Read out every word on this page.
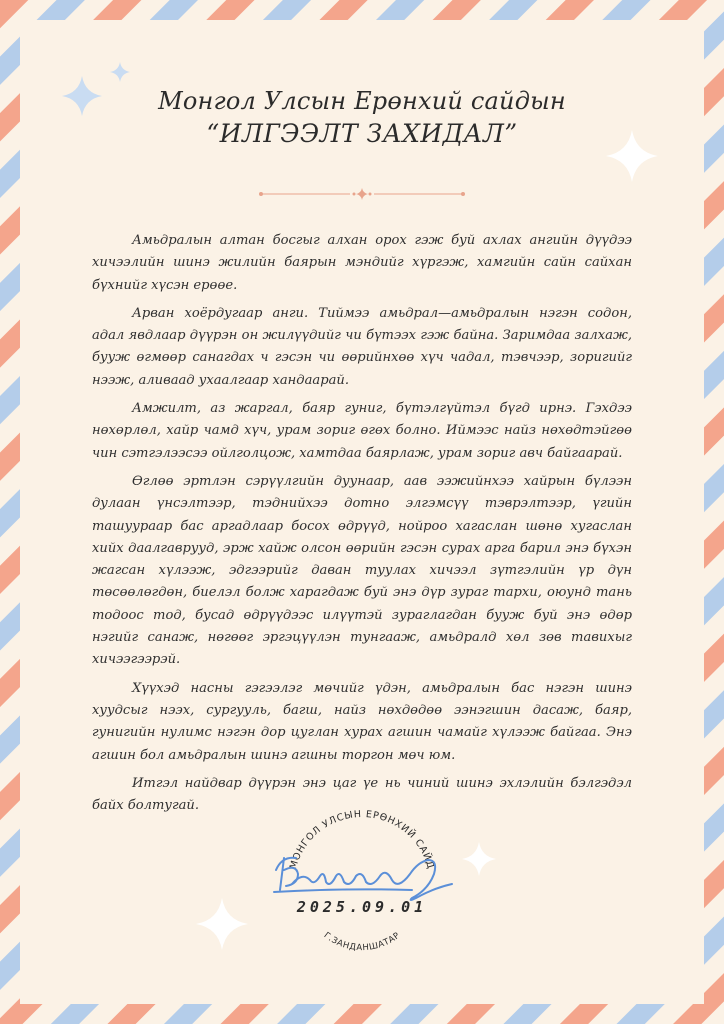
Монгол Улсын Ерөнхий сайдын
“ИЛГЭЭЛТ ЗАХИДАЛ”

Амьдралын алтан босгыг алхан орох гэж буй ахлах ангийн дүүдээ хичээлийн шинэ жилийн баярын мэндийг хүргэж, хамгийн сайн сайхан бүхнийг хүсэн ерөөе.

Арван хоёрдугаар анги. Тиймээ амьдрал—амьдралын нэгэн содон, адал явдлаар дүүрэн он жилүүдийг чи бүтээх гэж байна. Заримдаа залхаж, бууж өгмөөр санагдах ч гэсэн чи өөрийнхөө хүч чадал, тэвчээр, зоригийг нээж, аливаад ухаалгаар хандаарай.

Амжилт, аз жаргал, баяр гуниг, бүтэлгүйтэл бүгд ирнэ. Гэхдээ нөхөрлөл, хайр чамд хүч, урам зориг өгөх болно. Иймээс найз нөхөдтэйгөө чин сэтгэлээсээ ойлголцож, хамтдаа баярлаж, урам зориг авч байгаарай.

Өглөө эртлэн сэрүүлгийн дуунаар, аав ээжийнхээ хайрын бүлээн дулаан үнсэлтээр, тэднийхээ дотно элгэмсүү тэврэлтээр, үгийн ташуураар бас аргадлаар босох өдрүүд, нойроо хагаслан шөнө хугаслан хийх даалгаврууд, эрж хайж олсон өөрийн гэсэн сурах арга барил энэ бүхэн жагсан хүлээж, эдгээрийг даван туулах хичээл зүтгэлийн үр дүн төсөөлөгдөн, биелэл болж харагдаж буй энэ дүр зураг тархи, оюунд тань тодоос тод, бусад өдрүүдээс илүүтэй зураглагдан бууж буй энэ өдөр нэгийг санаж, нөгөөг эргэцүүлэн тунгааж, амьдралд хөл зөв тавихыг хичээгээрэй.

Хүүхэд насны гэгээлэг мөчийг үдэн, амьдралын бас нэгэн шинэ хуудсыг нээх, сургууль, багш, найз нөхдөдөө ээнэгшин дасаж, баяр, гунигийн нулимс нэгэн дор цуглан хурах агшин чамайг хүлээж байгаа. Энэ агшин бол амьдралын шинэ агшны торгон мөч юм.

Итгэл найдвар дүүрэн энэ цаг үе нь чиний шинэ эхлэлийн бэлгэдэл байх болтугай.

МОНГОЛ УЛСЫН ЕРӨНХИЙ САЙД
Г.ЗАНДАНШАТАР
2025.09.01
